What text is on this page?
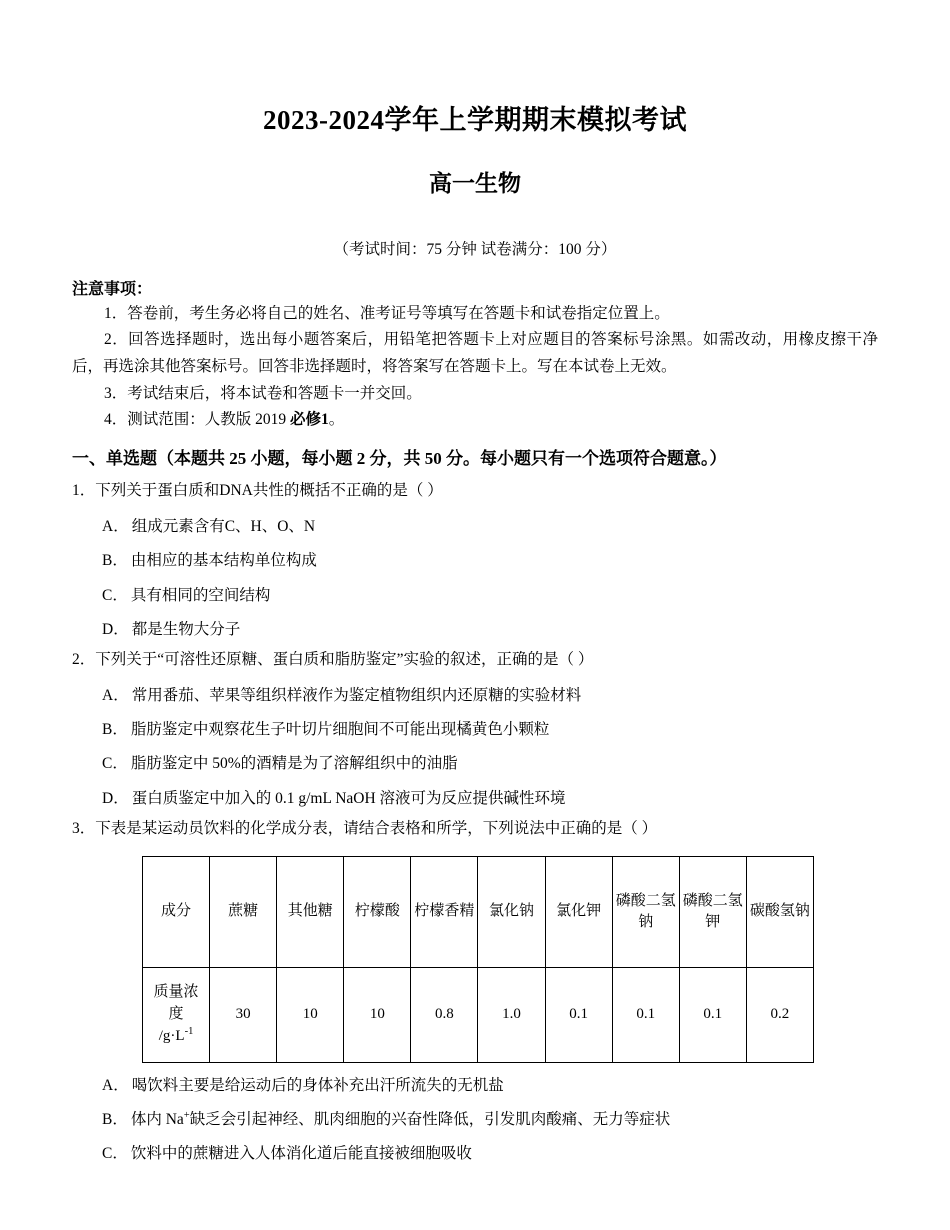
2023-2024学年上学期期末模拟考试
高一生物

（考试时间：75 分钟 试卷满分：100 分）

注意事项：

1．答卷前，考生务必将自己的姓名、准考证号等填写在答题卡和试卷指定位置上。

2．回答选择题时，选出每小题答案后，用铅笔把答题卡上对应题目的答案标号涂黑。如需改动，用橡皮擦干净后，再选涂其他答案标号。回答非选择题时，将答案写在答题卡上。写在本试卷上无效。

3．考试结束后，将本试卷和答题卡一并交回。

4．测试范围：人教版 2019 必修1。

一、单选题（本题共 25 小题，每小题 2 分，共 50 分。每小题只有一个选项符合题意。）

1．下列关于蛋白质和DNA共性的概括不正确的是（ ）

A． 组成元素含有C、H、O、N

B． 由相应的基本结构单位构成

C． 具有相同的空间结构

D． 都是生物大分子

2．下列关于“可溶性还原糖、蛋白质和脂肪鉴定”实验的叙述，正确的是（ ）

A． 常用番茄、苹果等组织样液作为鉴定植物组织内还原糖的实验材料

B． 脂肪鉴定中观察花生子叶切片细胞间不可能出现橘黄色小颗粒

C． 脂肪鉴定中 50%的酒精是为了溶解组织中的油脂

D． 蛋白质鉴定中加入的 0.1 g/mL NaOH 溶液可为反应提供碱性环境

3．下表是某运动员饮料的化学成分表，请结合表格和所学，下列说法中正确的是（ ）

成分	蔗糖	其他糖	柠檬酸	柠檬香精	氯化钠	氯化钾	磷酸二氢钠	磷酸二氢钾	碳酸氢钠

质量浓
度
$/g\cdot L^{-1}$	30	10	10	0.8	1.0	0.1	0.1	0.1	0.2

A． 喝饮料主要是给运动后的身体补充出汗所流失的无机盐

B． 体内 Na+缺乏会引起神经、肌肉细胞的兴奋性降低，引发肌肉酸痛、无力等症状

C． 饮料中的蔗糖进入人体消化道后能直接被细胞吸收
